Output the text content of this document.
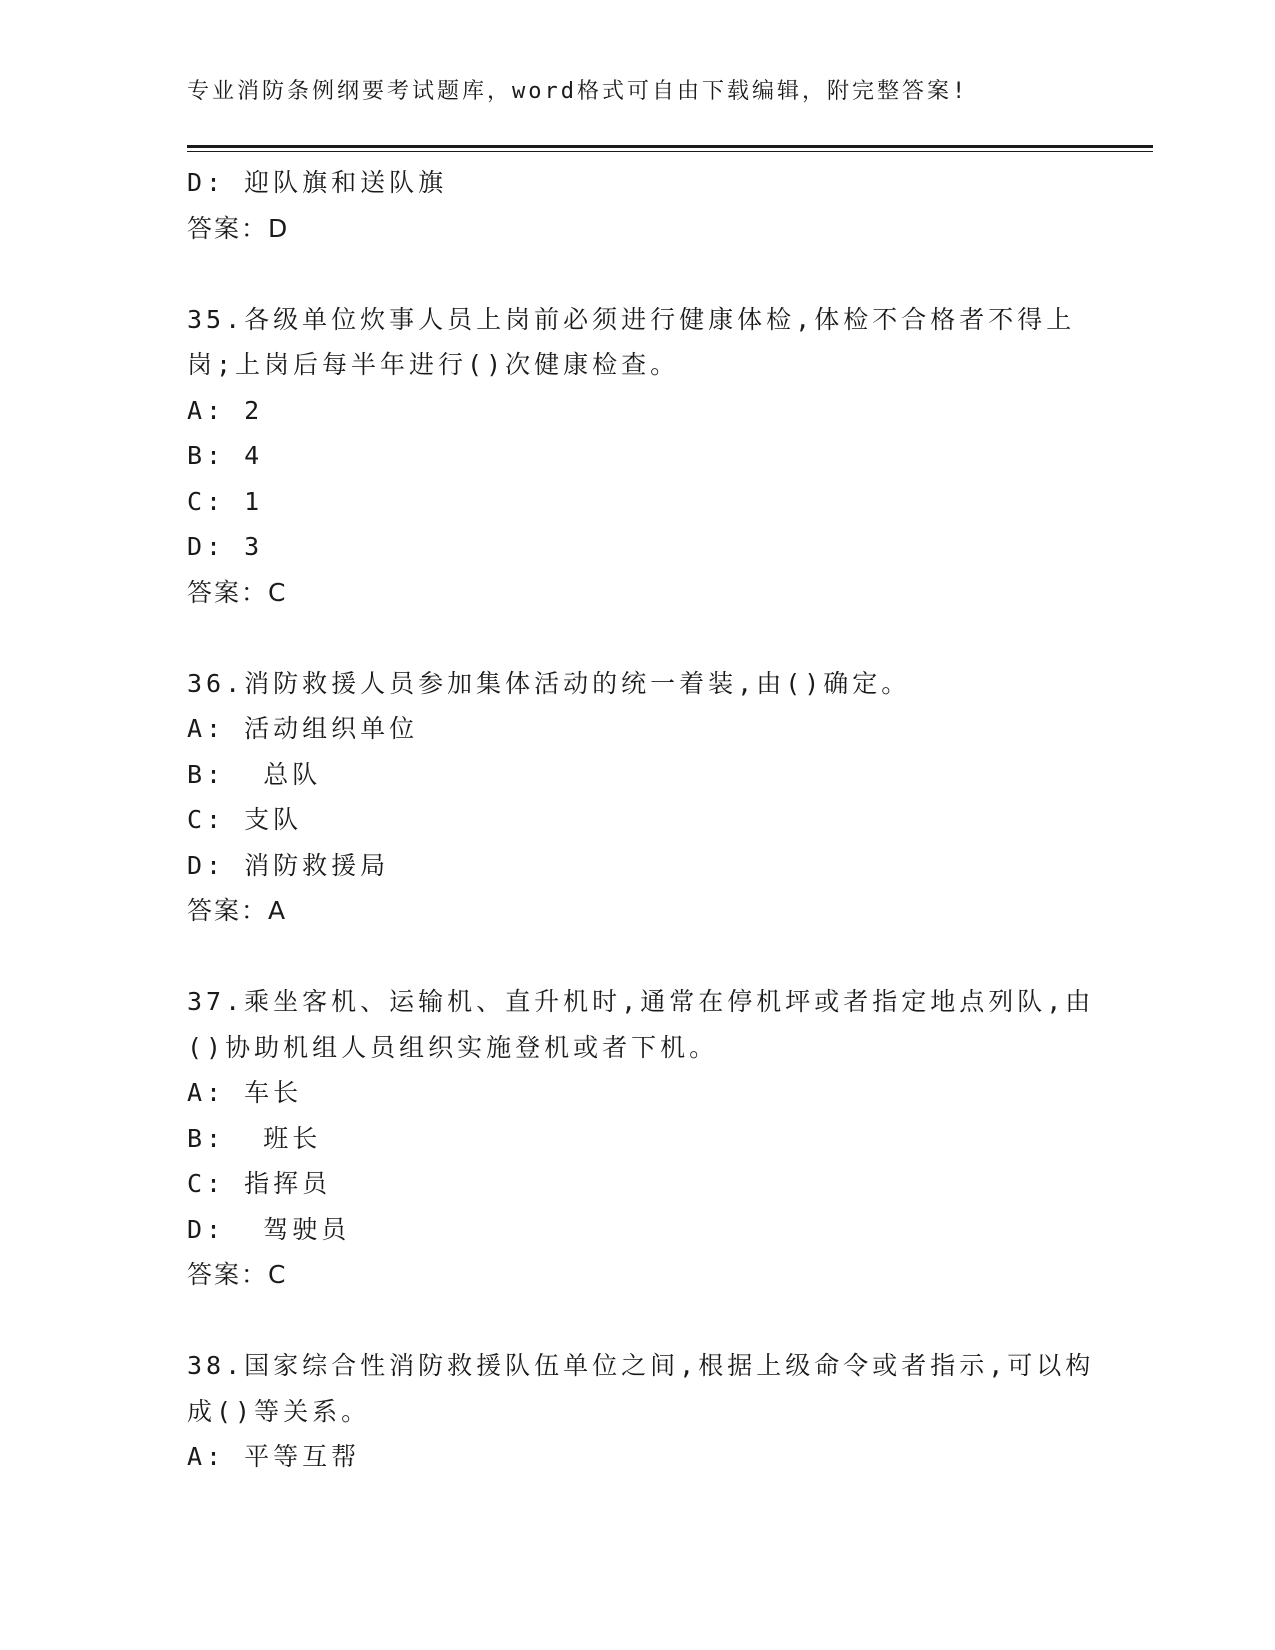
专业消防条例纲要考试题库，word格式可自由下载编辑，附完整答案!
D: 迎队旗和送队旗
答案：D
35.各级单位炊事人员上岗前必须进行健康体检,体检不合格者不得上
岗;上岗后每半年进行()次健康检查。
A: 2
B: 4
C: 1
D: 3
答案：C
36.消防救援人员参加集体活动的统一着装,由()确定。
A: 活动组织单位
B:  总队
C: 支队
D: 消防救援局
答案：A
37.乘坐客机、运输机、直升机时,通常在停机坪或者指定地点列队,由
()协助机组人员组织实施登机或者下机。
A: 车长
B:  班长
C: 指挥员
D:  驾驶员
答案：C
38.国家综合性消防救援队伍单位之间,根据上级命令或者指示,可以构
成()等关系。
A: 平等互帮
